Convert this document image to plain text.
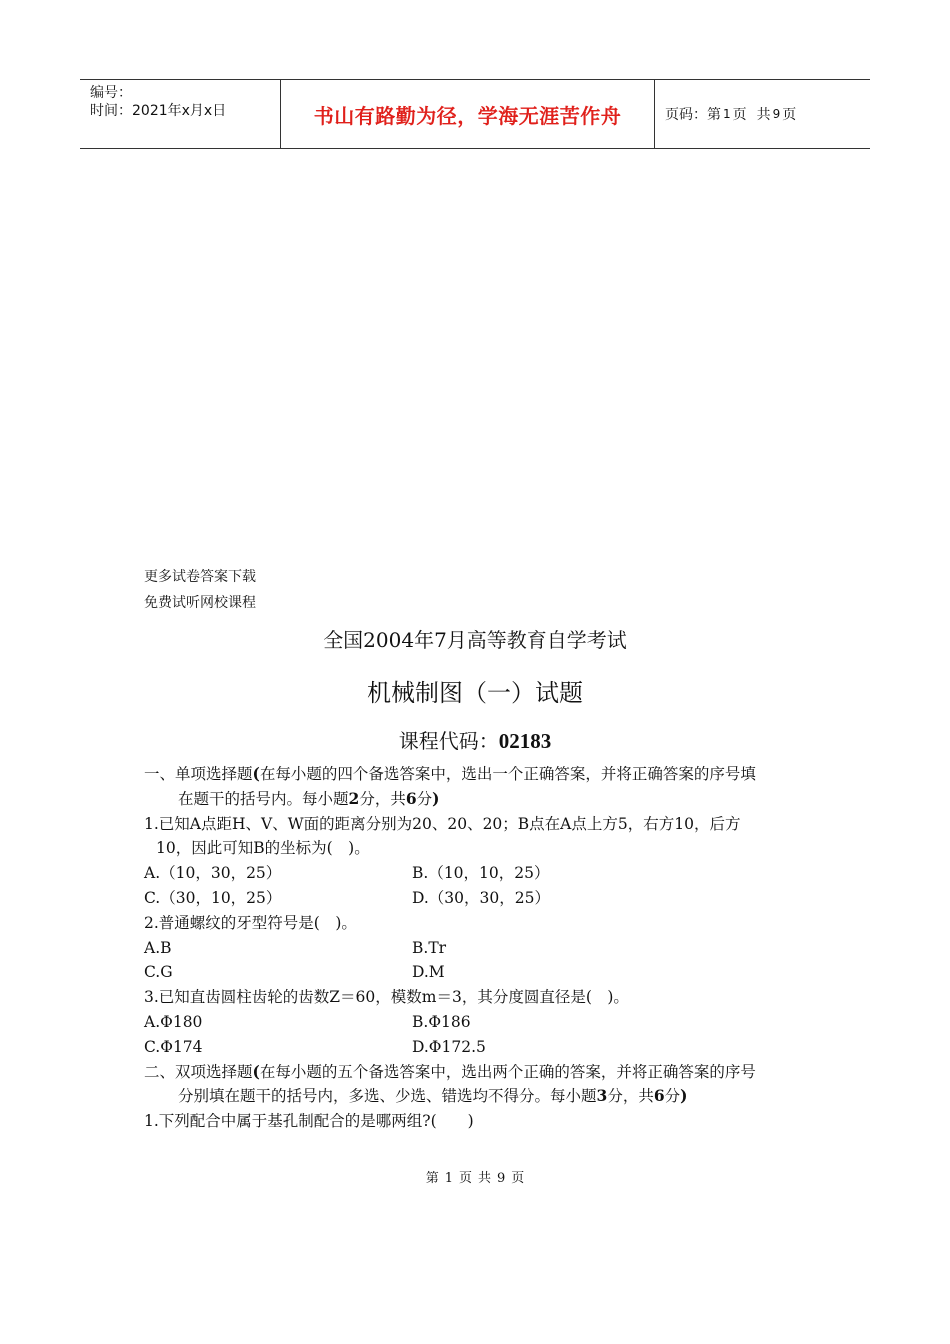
编号：
时间：2021年x月x日	书山有路勤为径，学海无涯苦作舟	页码：第 1 页 共 9 页
更多试卷答案下载
免费试听网校课程
全国2004年7月高等教育自学考试
机械制图（一）试题
课程代码：02183
一、单项选择题(在每小题的四个备选答案中，选出一个正确答案，并将正确答案的序号填
在题干的括号内。每小题2分，共6分)
1.已知A点距H、V、W面的距离分别为20、20、20；B点在A点上方5，右方10，后方
10，因此可知B的坐标为(　)。
A.（10，30，25）	B.（10，10，25）
C.（30，10，25）	D.（30，30，25）
2.普通螺纹的牙型符号是(　)。
A.B	B.Tr
C.G	D.M
3.已知直齿圆柱齿轮的齿数Z＝60，模数m＝3，其分度圆直径是(　)。
A.Φ180	B.Φ186
C.Φ174	D.Φ172.5
二、双项选择题(在每小题的五个备选答案中，选出两个正确的答案，并将正确答案的序号
分别填在题干的括号内，多选、少选、错选均不得分。每小题3分，共6分)
1.下列配合中属于基孔制配合的是哪两组?(　　)
第 1 页 共 9 页
